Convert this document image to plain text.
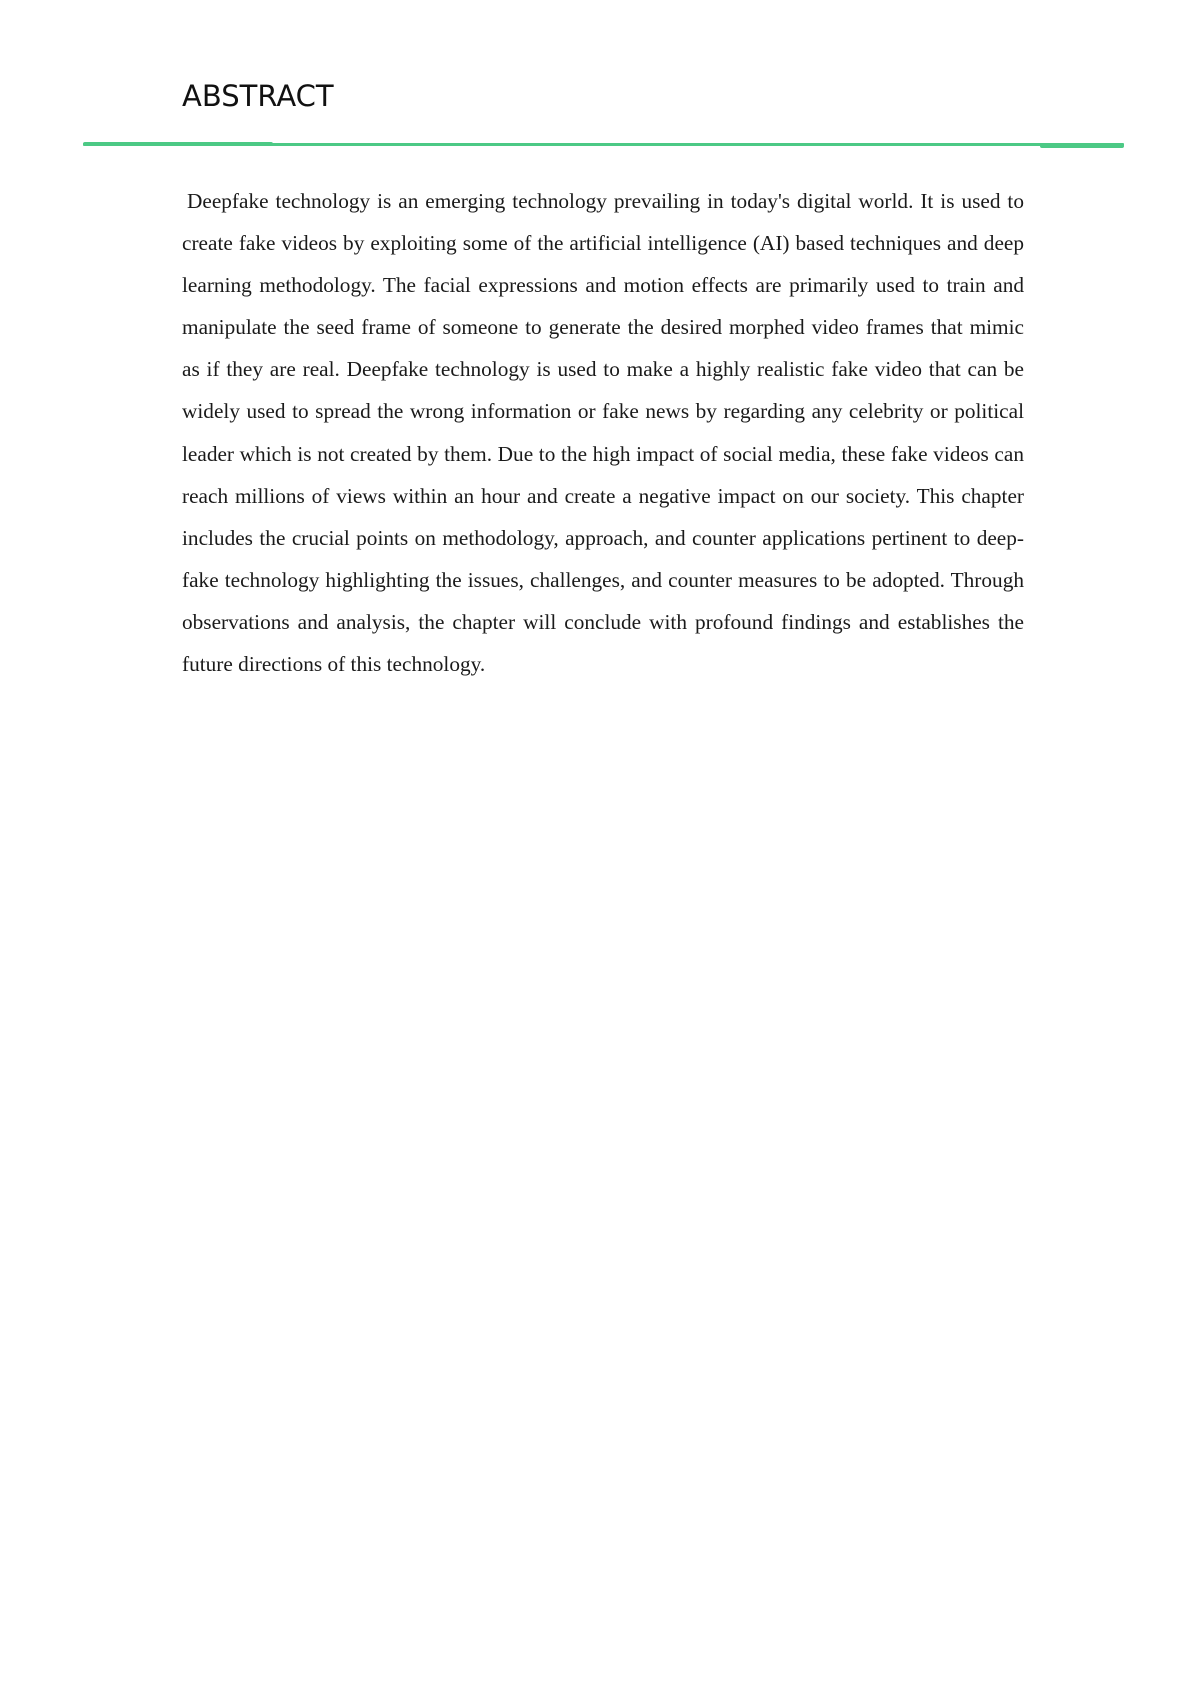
ABSTRACT

Deepfake technology is an emerging technology prevailing in today's digital world. It is used to create fake videos by exploiting some of the artificial intelligence (AI) based techniques and deep learning methodology. The facial expressions and motion effects are primarily used to train and manipulate the seed frame of someone to generate the desired morphed video frames that mimic as if they are real. Deepfake technology is used to make a highly realistic fake video that can be widely used to spread the wrong information or fake news by regarding any celebrity or political leader which is not created by them. Due to the high impact of social media, these fake videos can reach millions of views within an hour and create a negative impact on our society. This chapter includes the crucial points on methodology, approach, and counter applications pertinent to deep-fake technology highlighting the issues, challenges, and counter measures to be adopted. Through observations and analysis, the chapter will conclude with profound findings and establishes the future directions of this technology.
